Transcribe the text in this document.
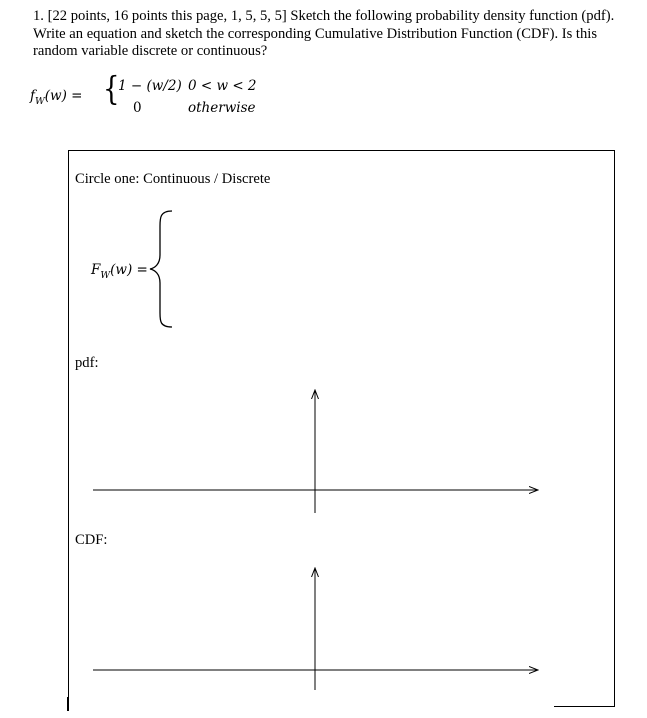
1. [22 points, 16 points this page, 1, 5, 5, 5] Sketch the following probability density function (pdf). Write an equation and sketch the corresponding Cumulative Distribution Function (CDF). Is this random variable discrete or continuous?
$f_W(w)$ = {
1 − (w/2)
0
0 < w < 2
otherwise
Circle one: Continuous / Discrete
$F_W(w)$ =
pdf:
CDF:
